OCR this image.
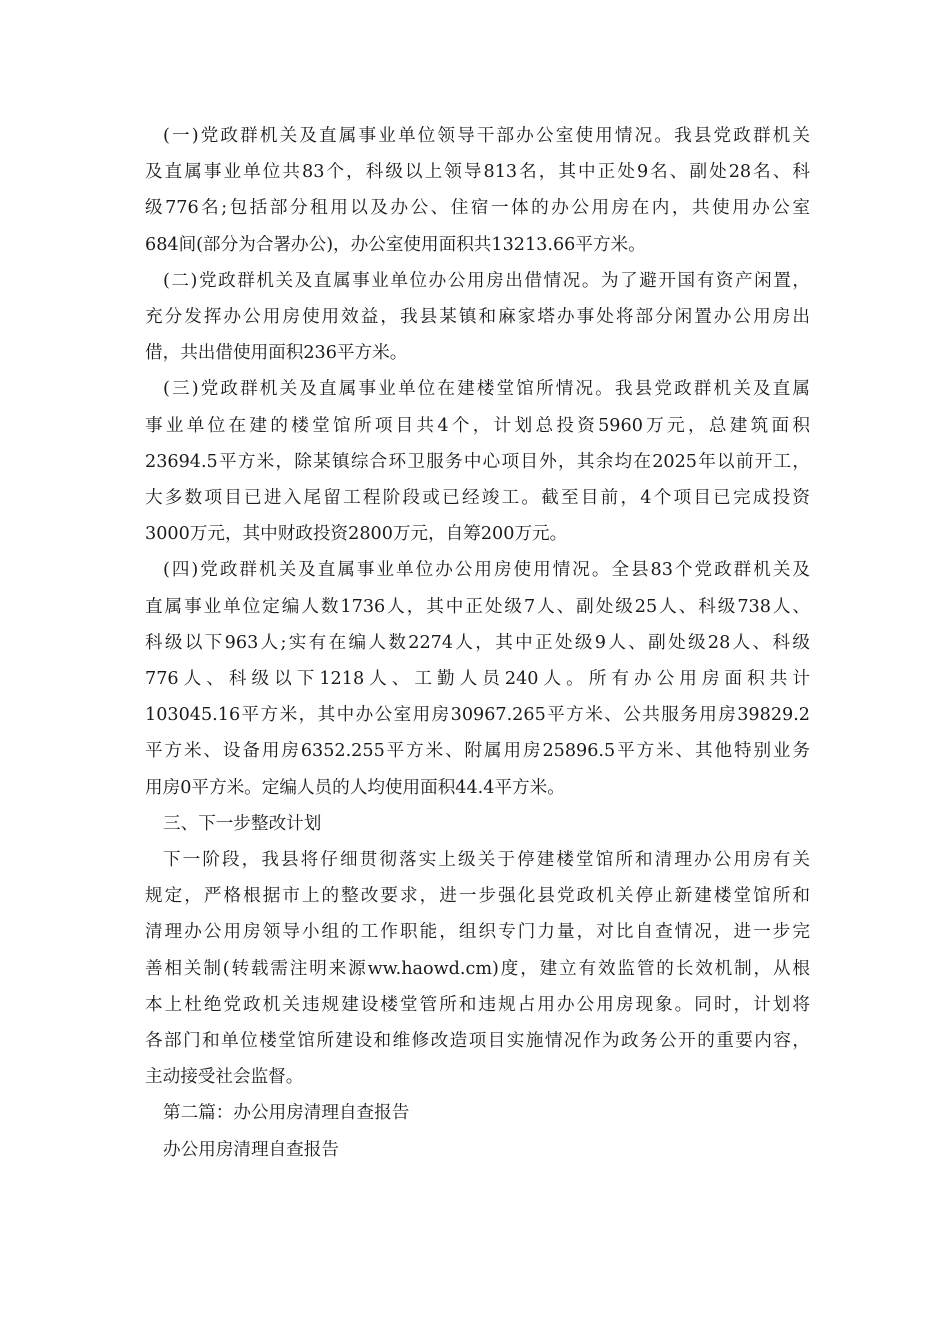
(一)党政群机关及直属事业单位领导干部办公室使用情况。我县党政群机关
及直属事业单位共83个，科级以上领导813名，其中正处9名、副处28名、科
级776名;包括部分租用以及办公、住宿一体的办公用房在内，共使用办公室
684间(部分为合署办公)，办公室使用面积共13213.66平方米。
(二)党政群机关及直属事业单位办公用房出借情况。为了避开国有资产闲置，
充分发挥办公用房使用效益，我县某镇和麻家塔办事处将部分闲置办公用房出
借，共出借使用面积236平方米。
(三)党政群机关及直属事业单位在建楼堂馆所情况。我县党政群机关及直属
事业单位在建的楼堂馆所项目共4个，计划总投资5960万元，总建筑面积
23694.5平方米，除某镇综合环卫服务中心项目外，其余均在2025年以前开工，
大多数项目已进入尾留工程阶段或已经竣工。截至目前，4个项目已完成投资
3000万元，其中财政投资2800万元，自筹200万元。
(四)党政群机关及直属事业单位办公用房使用情况。全县83个党政群机关及
直属事业单位定编人数1736人，其中正处级7人、副处级25人、科级738人、
科级以下963人;实有在编人数2274人，其中正处级9人、副处级28人、科级
776人、科级以下1218人、工勤人员240人。所有办公用房面积共计
103045.16平方米，其中办公室用房30967.265平方米、公共服务用房39829.2
平方米、设备用房6352.255平方米、附属用房25896.5平方米、其他特别业务
用房0平方米。定编人员的人均使用面积44.4平方米。

三、下一步整改计划

下一阶段，我县将仔细贯彻落实上级关于停建楼堂馆所和清理办公用房有关
规定，严格根据市上的整改要求，进一步强化县党政机关停止新建楼堂馆所和
清理办公用房领导小组的工作职能，组织专门力量，对比自查情况，进一步完
善相关制(转载需注明来源ww.haowd.cm)度，建立有效监管的长效机制，从根
本上杜绝党政机关违规建设楼堂管所和违规占用办公用房现象。同时，计划将
各部门和单位楼堂馆所建设和维修改造项目实施情况作为政务公开的重要内容，
主动接受社会监督。

第二篇：办公用房清理自查报告

办公用房清理自查报告
